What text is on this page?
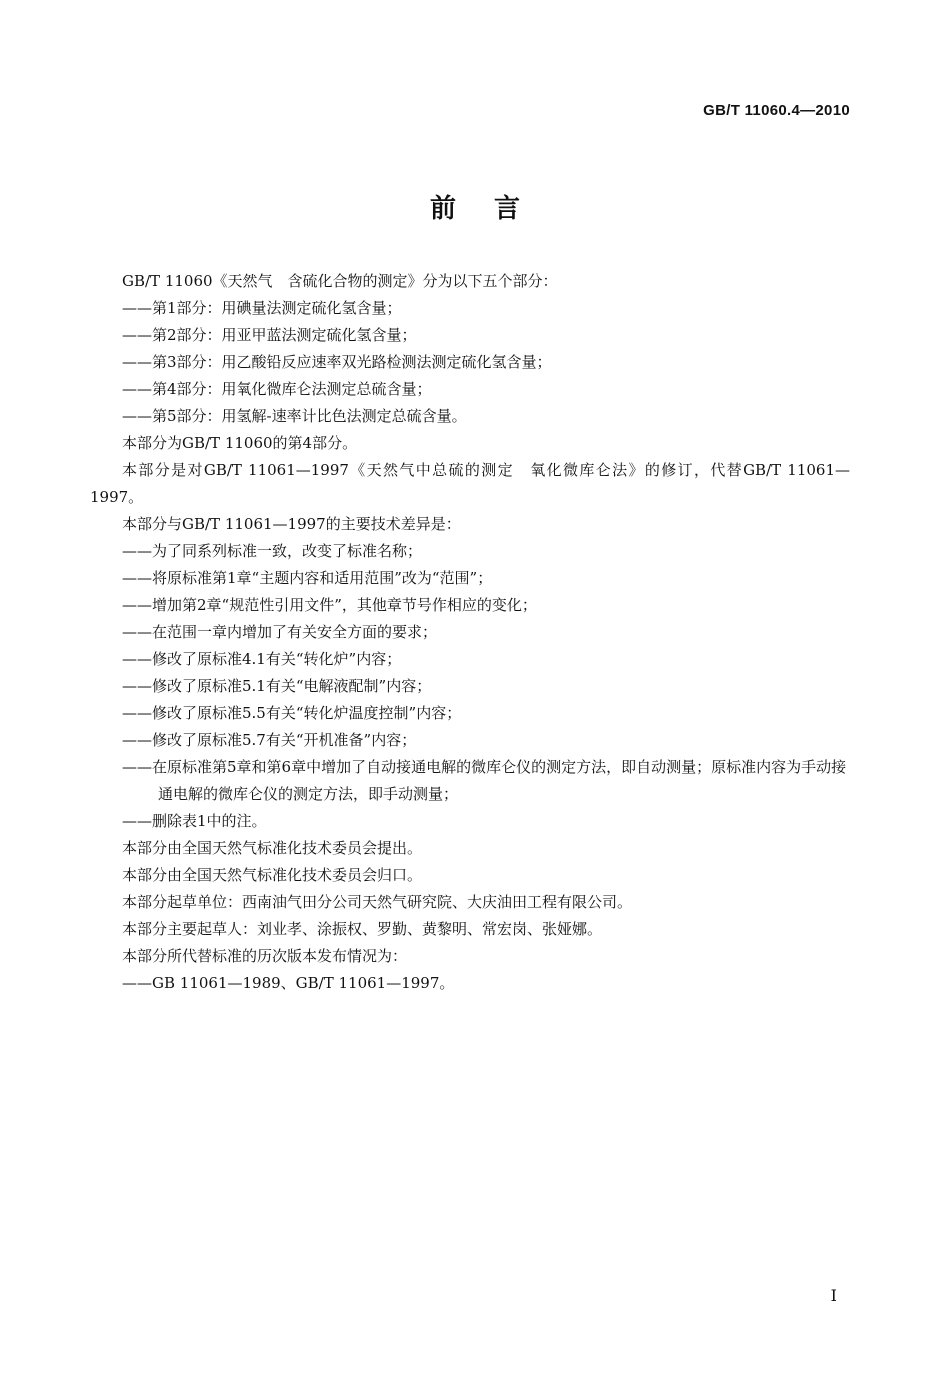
GB/T 11060.4—2010
前言

GB/T 11060《天然气　含硫化合物的测定》分为以下五个部分：

——第1部分：用碘量法测定硫化氢含量；

——第2部分：用亚甲蓝法测定硫化氢含量；

——第3部分：用乙酸铅反应速率双光路检测法测定硫化氢含量；

——第4部分：用氧化微库仑法测定总硫含量；

——第5部分：用氢解-速率计比色法测定总硫含量。

本部分为GB/T 11060的第4部分。

本部分是对GB/T 11061—1997《天然气中总硫的测定　氧化微库仑法》的修订，代替GB/T 11061—1997。

本部分与GB/T 11061—1997的主要技术差异是：

——为了同系列标准一致，改变了标准名称；

——将原标准第1章“主题内容和适用范围”改为“范围”；

——增加第2章“规范性引用文件”，其他章节号作相应的变化；

——在范围一章内增加了有关安全方面的要求；

——修改了原标准4.1有关“转化炉”内容；

——修改了原标准5.1有关“电解液配制”内容；

——修改了原标准5.5有关“转化炉温度控制”内容；

——修改了原标准5.7有关“开机准备”内容；

——在原标准第5章和第6章中增加了自动接通电解的微库仑仪的测定方法，即自动测量；原标准内容为手动接通电解的微库仑仪的测定方法，即手动测量；

——删除表1中的注。

本部分由全国天然气标准化技术委员会提出。

本部分由全国天然气标准化技术委员会归口。

本部分起草单位：西南油气田分公司天然气研究院、大庆油田工程有限公司。

本部分主要起草人：刘业孝、涂振权、罗勤、黄黎明、常宏岗、张娅娜。

本部分所代替标准的历次版本发布情况为：

——GB 11061—1989、GB/T 11061—1997。

I
